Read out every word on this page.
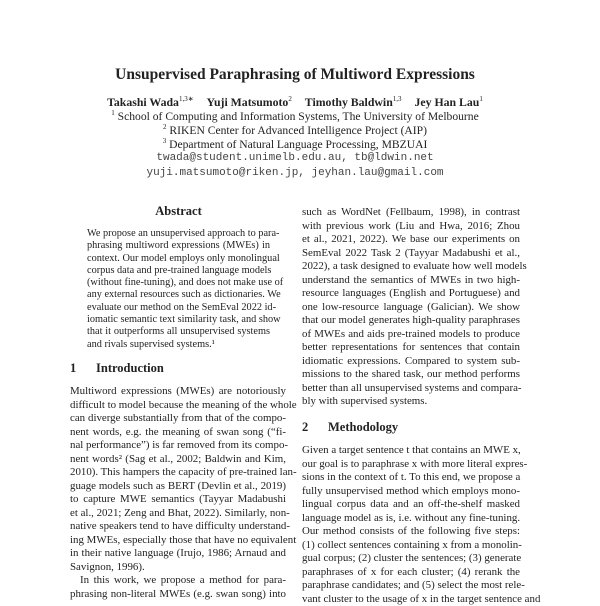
Unsupervised Paraphrasing of Multiword Expressions
Takashi Wada$^{1,3∗}$ Yuji Matsumoto$^2$ Timothy Baldwin$^{1,3}$ Jey Han Lau$^1$
$^1$ School of Computing and Information Systems, The University of Melbourne
$^2$ RIKEN Center for Advanced Intelligence Project (AIP)
$^3$ Department of Natural Language Processing, MBZUAI
twada@student.unimelb.edu.au, tb@ldwin.net
yuji.matsumoto@riken.jp, jeyhan.lau@gmail.com
Abstract
We propose an unsupervised approach to para-
phrasing multiword expressions (MWEs) in
context. Our model employs only monolingual
corpus data and pre-trained language models
(without fine-tuning), and does not make use of
any external resources such as dictionaries. We
evaluate our method on the SemEval 2022 id-
iomatic semantic text similarity task, and show
that it outperforms all unsupervised systems
and rivals supervised systems.¹
1 Introduction
Multiword expressions (MWEs) are notoriously
difficult to model because the meaning of the whole
can diverge substantially from that of the compo-
nent words, e.g. the meaning of swan song (“fi-
nal performance”) is far removed from its compo-
nent words² (Sag et al., 2002; Baldwin and Kim,
2010). This hampers the capacity of pre-trained lan-
guage models such as BERT (Devlin et al., 2019)
to capture MWE semantics (Tayyar Madabushi
et al., 2021; Zeng and Bhat, 2022). Similarly, non-
native speakers tend to have difficulty understand-
ing MWEs, especially those that have no equivalent
in their native language (Irujo, 1986; Arnaud and
Savignon, 1996).
In this work, we propose a method for para-
phrasing non-literal MWEs (e.g. swan song) into
such as WordNet (Fellbaum, 1998), in contrast
with previous work (Liu and Hwa, 2016; Zhou
et al., 2021, 2022). We base our experiments on
SemEval 2022 Task 2 (Tayyar Madabushi et al.,
2022), a task designed to evaluate how well models
understand the semantics of MWEs in two high-
resource languages (English and Portuguese) and
one low-resource language (Galician). We show
that our model generates high-quality paraphrases
of MWEs and aids pre-trained models to produce
better representations for sentences that contain
idiomatic expressions. Compared to system sub-
missions to the shared task, our method performs
better than all unsupervised systems and compara-
bly with supervised systems.
2 Methodology
Given a target sentence t that contains an MWE x,
our goal is to paraphrase x with more literal expres-
sions in the context of t. To this end, we propose a
fully unsupervised method which employs mono-
lingual corpus data and an off-the-shelf masked
language model as is, i.e. without any fine-tuning.
Our method consists of the following five steps:
(1) collect sentences containing x from a monolin-
gual corpus; (2) cluster the sentences; (3) generate
paraphrases of x for each cluster; (4) rerank the
paraphrase candidates; and (5) select the most rele-
vant cluster to the usage of x in the target sentence and
